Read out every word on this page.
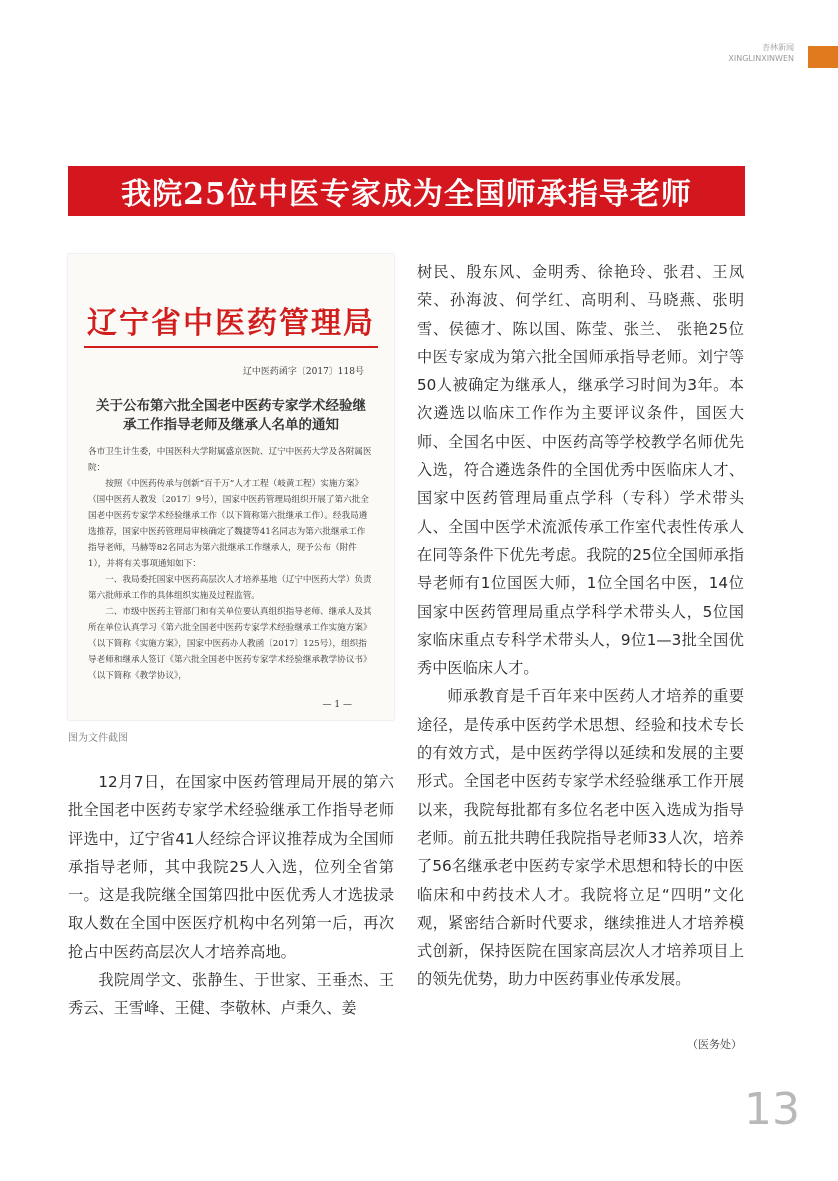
杏林新闻
XINGLINXINWEN
我院25位中医专家成为全国师承指导老师
辽宁省中医药管理局
辽中医药函字〔2017〕118号
关于公布第六批全国老中医药专家学术经验继
承工作指导老师及继承人名单的通知

各市卫生计生委，中国医科大学附属盛京医院、辽宁中医药大学及各附属医院：

按照《中医药传承与创新“百千万”人才工程（岐黄工程）实施方案》（国中医药人教发〔2017〕9号），国家中医药管理局组织开展了第六批全国老中医药专家学术经验继承工作（以下简称第六批继承工作）。经我局遴选推荐，国家中医药管理局审核确定了魏捷等41名同志为第六批继承工作指导老师，马赫等82名同志为第六批继承工作继承人，现予公布（附件1），并将有关事项通知如下：

一、我局委托国家中医药高层次人才培养基地（辽宁中医药大学）负责第六批师承工作的具体组织实施及过程监管。

二、市级中医药主管部门和有关单位要认真组织指导老师、继承人及其所在单位认真学习《第六批全国老中医药专家学术经验继承工作实施方案》（以下简称《实施方案》，国家中医药办人教函〔2017〕125号），组织指导老师和继承人签订《第六批全国老中医药专家学术经验继承教学协议书》（以下简称《教学协议》，

— 1 —
图为文件截图

12月7日，在国家中医药管理局开展的第六批全国老中医药专家学术经验继承工作指导老师评选中，辽宁省41人经综合评议推荐成为全国师承指导老师，其中我院25人入选，位列全省第一。这是我院继全国第四批中医优秀人才选拔录取人数在全国中医医疗机构中名列第一后，再次抢占中医药高层次人才培养高地。

我院周学文、张静生、于世家、王垂杰、王秀云、王雪峰、王健、李敬林、卢秉久、姜

树民、殷东风、金明秀、徐艳玲、张君、王凤荣、孙海波、何学红、高明利、马晓燕、张明雪、侯德才、陈以国、陈莹、张兰、 张艳25位中医专家成为第六批全国师承指导老师。刘宁等50人被确定为继承人，继承学习时间为3年。本次遴选以临床工作作为主要评议条件，国医大师、全国名中医、中医药高等学校教学名师优先入选，符合遴选条件的全国优秀中医临床人才、国家中医药管理局重点学科（专科）学术带头人、全国中医学术流派传承工作室代表性传承人在同等条件下优先考虑。我院的25位全国师承指导老师有1位国医大师，1位全国名中医，14位国家中医药管理局重点学科学术带头人，5位国家临床重点专科学术带头人，9位1—3批全国优秀中医临床人才。

师承教育是千百年来中医药人才培养的重要途径，是传承中医药学术思想、经验和技术专长的有效方式，是中医药学得以延续和发展的主要形式。全国老中医药专家学术经验继承工作开展以来，我院每批都有多位名老中医入选成为指导老师。前五批共聘任我院指导老师33人次，培养了56名继承老中医药专家学术思想和特长的中医临床和中药技术人才。我院将立足“四明”文化观，紧密结合新时代要求，继续推进人才培养模式创新，保持医院在国家高层次人才培养项目上的领先优势，助力中医药事业传承发展。

（医务处）
13
